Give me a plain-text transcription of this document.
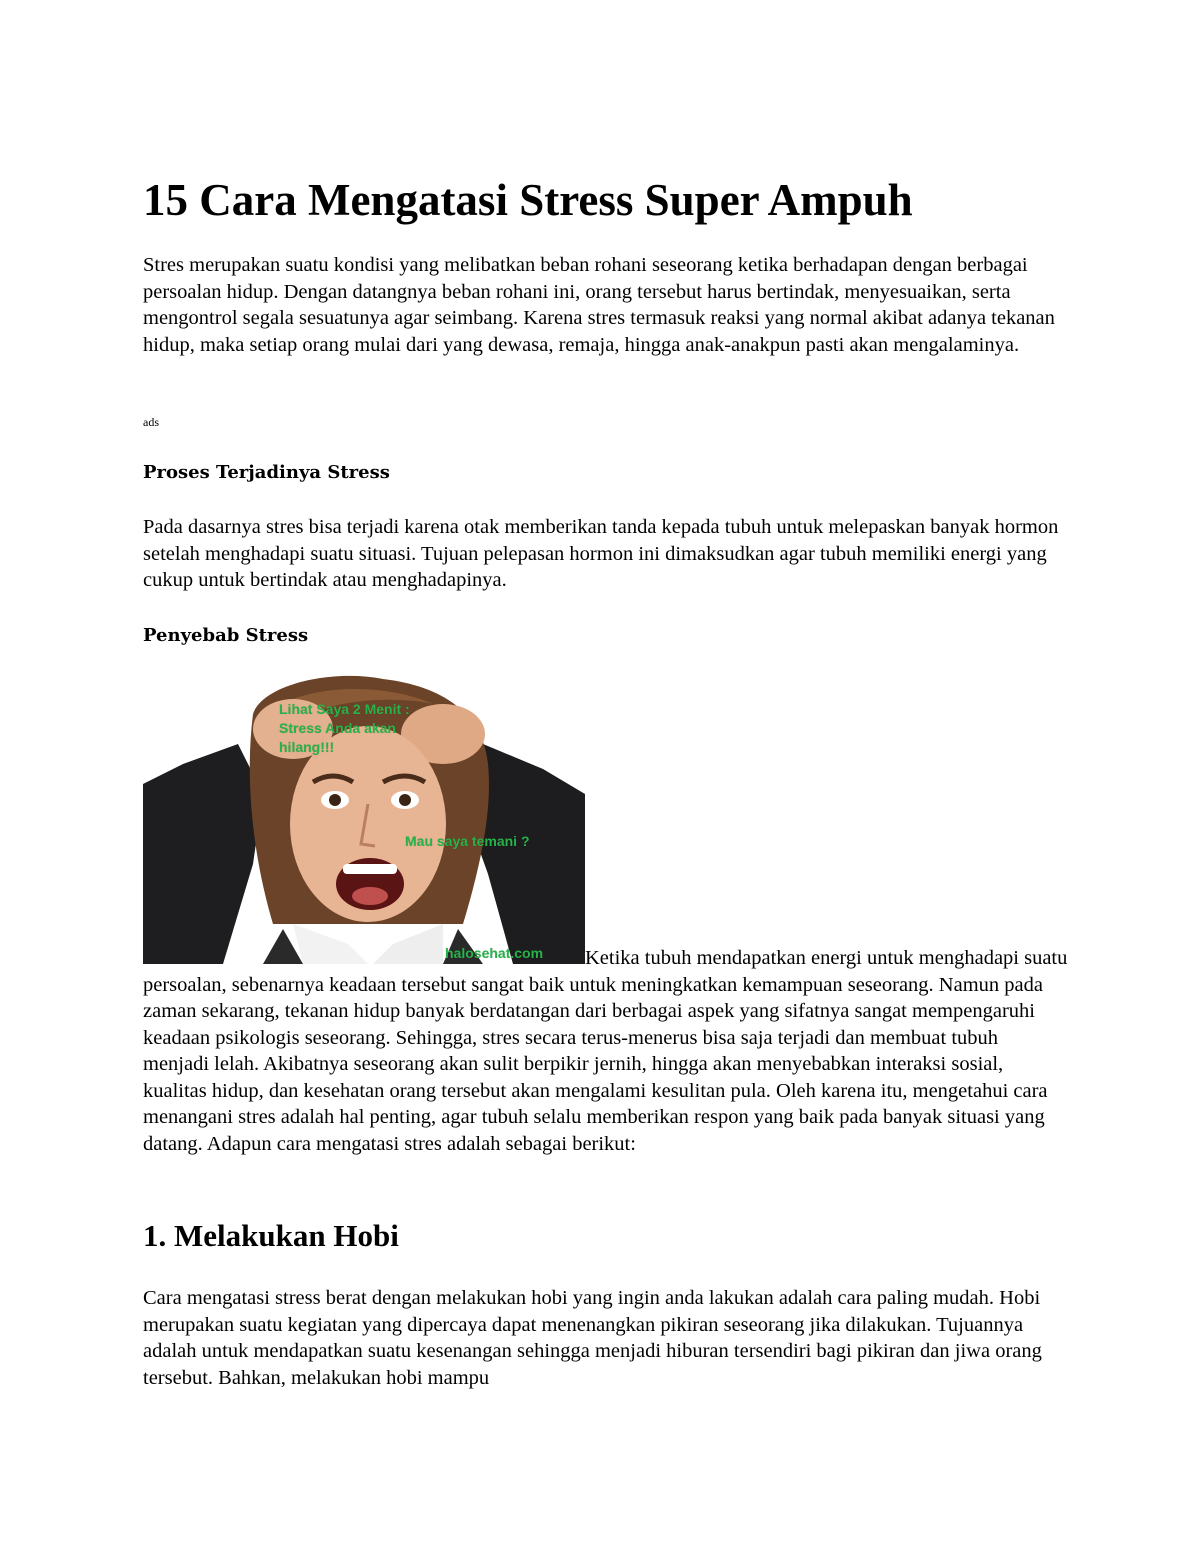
15 Cara Mengatasi Stress Super Ampuh

Stres merupakan suatu kondisi yang melibatkan beban rohani seseorang ketika berhadapan dengan berbagai persoalan hidup. Dengan datangnya beban rohani ini, orang tersebut harus bertindak, menyesuaikan, serta mengontrol segala sesuatunya agar seimbang. Karena stres termasuk reaksi yang normal akibat adanya tekanan hidup, maka setiap orang mulai dari yang dewasa, remaja, hingga anak-anakpun pasti akan mengalaminya.

ads
Proses Terjadinya Stress

Pada dasarnya stres bisa terjadi karena otak memberikan tanda kepada tubuh untuk melepaskan banyak hormon setelah menghadapi suatu situasi. Tujuan pelepasan hormon ini dimaksudkan agar tubuh memiliki energi yang cukup untuk bertindak atau menghadapinya.

Penyebab Stress

Lihat Saya 2 Menit :
Stress Anda akan
hilang!!!
Mau saya temani ?
halosehat.com Ketika tubuh mendapatkan energi untuk menghadapi suatu persoalan, sebenarnya keadaan tersebut sangat baik untuk meningkatkan kemampuan seseorang. Namun pada zaman sekarang, tekanan hidup banyak berdatangan dari berbagai aspek yang sifatnya sangat mempengaruhi keadaan psikologis seseorang. Sehingga, stres secara terus-menerus bisa saja terjadi dan membuat tubuh menjadi lelah. Akibatnya seseorang akan sulit berpikir jernih, hingga akan menyebabkan interaksi sosial, kualitas hidup, dan kesehatan orang tersebut akan mengalami kesulitan pula. Oleh karena itu, mengetahui cara menangani stres adalah hal penting, agar tubuh selalu memberikan respon yang baik pada banyak situasi yang datang. Adapun cara mengatasi stres adalah sebagai berikut:

1. Melakukan Hobi

Cara mengatasi stress berat dengan melakukan hobi yang ingin anda lakukan adalah cara paling mudah. Hobi merupakan suatu kegiatan yang dipercaya dapat menenangkan pikiran seseorang jika dilakukan. Tujuannya adalah untuk mendapatkan suatu kesenangan sehingga menjadi hiburan tersendiri bagi pikiran dan jiwa orang tersebut. Bahkan, melakukan hobi mampu
